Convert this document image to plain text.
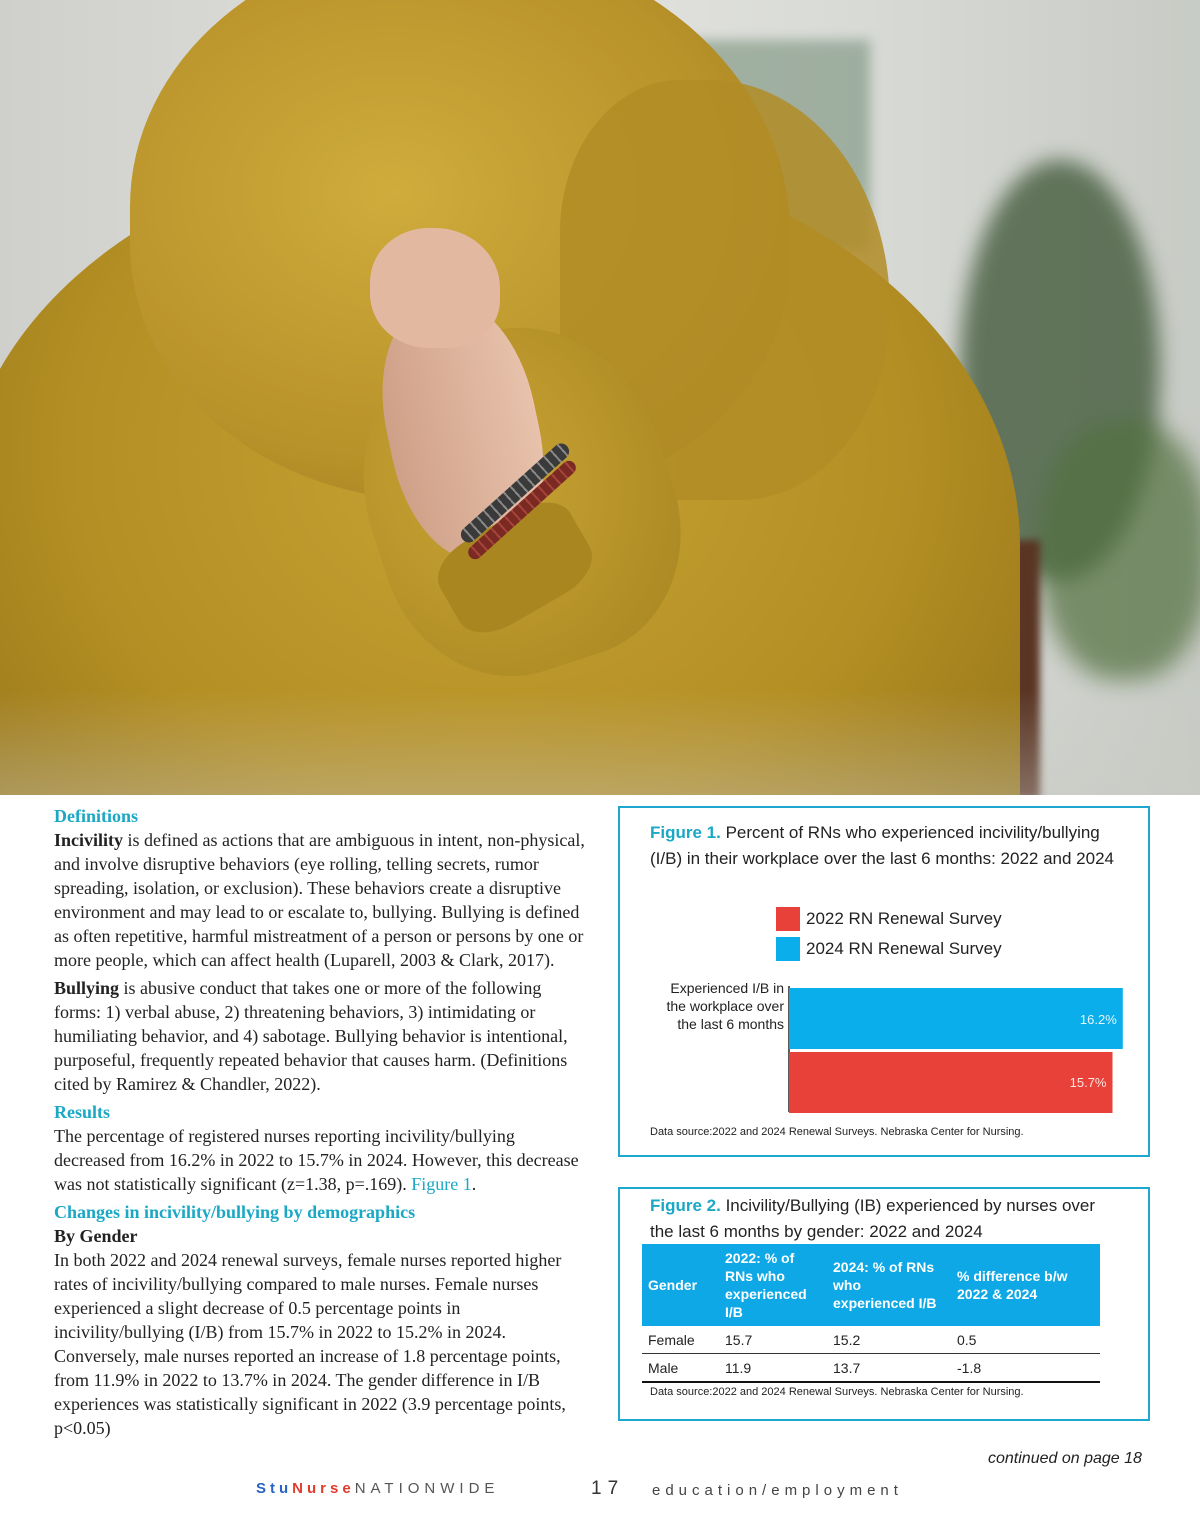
Definitions

Incivility is defined as actions that are ambiguous in intent, non-physical, and involve disruptive behaviors (eye rolling, telling secrets, rumor spreading, isolation, or exclusion). These behaviors create a disruptive environment and may lead to or escalate to, bullying. Bullying is defined as often repetitive, harmful mistreatment of a person or persons by one or more people, which can affect health (Luparell, 2003 & Clark, 2017).

Bullying is abusive conduct that takes one or more of the following forms: 1) verbal abuse, 2) threatening behaviors, 3) intimidating or humiliating behavior, and 4) sabotage. Bullying behavior is intentional, purposeful, frequently repeated behavior that causes harm. (Definitions cited by Ramirez & Chandler, 2022).

Results

The percentage of registered nurses reporting incivility/bullying decreased from 16.2% in 2022 to 15.7% in 2024. However, this decrease was not statistically significant (z=1.38, p=.169). Figure 1.

Changes in incivility/bullying by demographics

By Gender

In both 2022 and 2024 renewal surveys, female nurses reported higher rates of incivility/bullying compared to male nurses. Female nurses experienced a slight decrease of 0.5 percentage points in incivility/bullying (I/B) from 15.7% in 2022 to 15.2% in 2024. Conversely, male nurses reported an increase of 1.8 percentage points, from 11.9% in 2022 to 13.7% in 2024. The gender difference in I/B experiences was statistically significant in 2022 (3.9 percentage points, p<0.05)

Figure 1. Percent of RNs who experienced incivility/bullying (I/B) in their workplace over the last 6 months: 2022 and 2024
2022 RN Renewal Survey
2024 RN Renewal Survey
Experienced I/B in
the workplace over
the last 6 months	16.2%
15.7%
Data source:2022 and 2024 Renewal Surveys. Nebraska Center for Nursing.
Figure 2. Incivility/Bullying (IB) experienced by nurses over the last 6 months by gender: 2022 and 2024
Gender	2022: % of RNs who experienced I/B	2024: % of RNs who experienced I/B	% difference b/w 2022 & 2024
Female	15.7	15.2	0.5
Male	11.9	13.7	-1.8
Data source:2022 and 2024 Renewal Surveys. Nebraska Center for Nursing.
continued on page 18
StuNurseNATIONWIDE	17 education/employment
